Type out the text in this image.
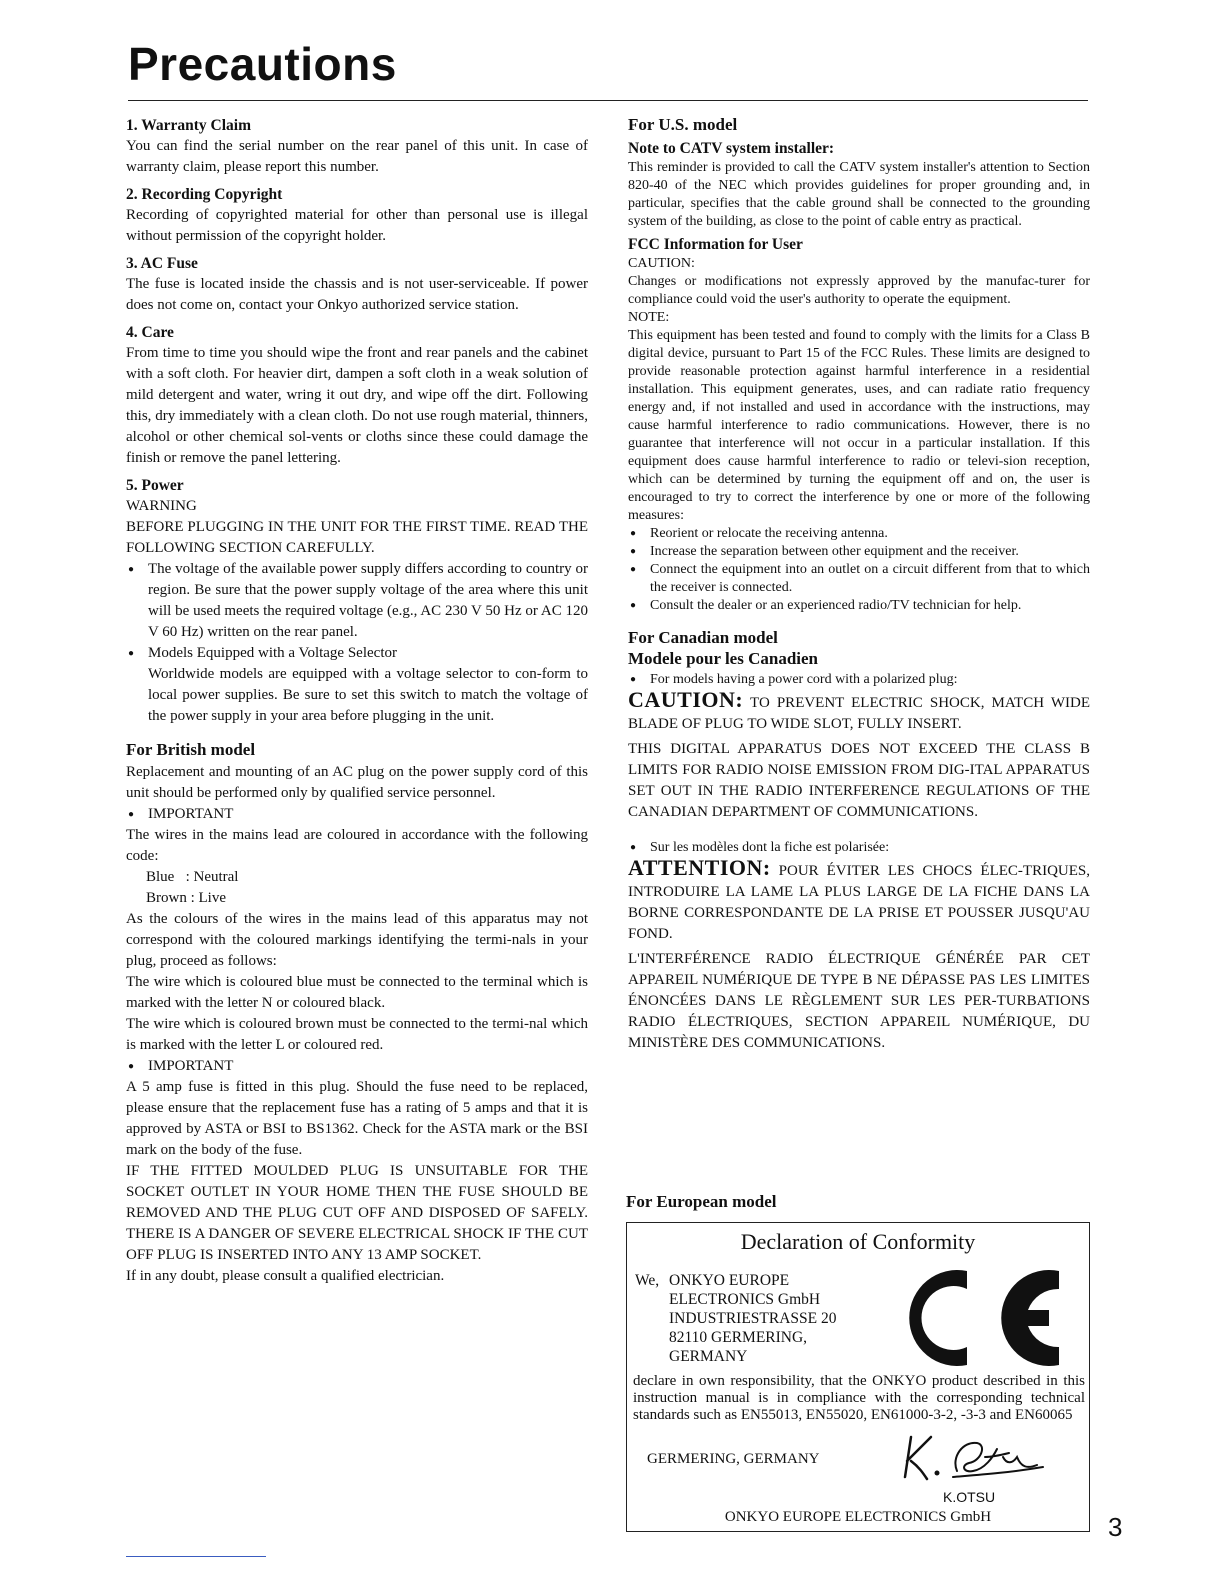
Precautions
1. Warranty Claim

You can find the serial number on the rear panel of this unit. In case of warranty claim, please report this number.

2. Recording Copyright

Recording of copyrighted material for other than personal use is illegal without permission of the copyright holder.

3. AC Fuse

The fuse is located inside the chassis and is not user-serviceable. If power does not come on, contact your Onkyo authorized service station.

4. Care

From time to time you should wipe the front and rear panels and the cabinet with a soft cloth. For heavier dirt, dampen a soft cloth in a weak solution of mild detergent and water, wring it out dry, and wipe off the dirt. Following this, dry immediately with a clean cloth. Do not use rough material, thinners, alcohol or other chemical sol-vents or cloths since these could damage the finish or remove the panel lettering.

5. Power
WARNING

BEFORE PLUGGING IN THE UNIT FOR THE FIRST TIME. READ THE FOLLOWING SECTION CAREFULLY.

● The voltage of the available power supply differs according to country or region. Be sure that the power supply voltage of the area where this unit will be used meets the required voltage (e.g., AC 230 V 50 Hz or AC 120 V 60 Hz) written on the rear panel.
● Models Equipped with a Voltage Selector
Worldwide models are equipped with a voltage selector to con-form to local power supplies. Be sure to set this switch to match the voltage of the power supply in your area before plugging in the unit.
For British model

Replacement and mounting of an AC plug on the power supply cord of this unit should be performed only by qualified service personnel.

● IMPORTANT

The wires in the mains lead are coloured in accordance with the following code:

Blue   : Neutral
Brown : Live

As the colours of the wires in the mains lead of this apparatus may not correspond with the coloured markings identifying the termi-nals in your plug, proceed as follows:

The wire which is coloured blue must be connected to the terminal which is marked with the letter N or coloured black.

The wire which is coloured brown must be connected to the termi-nal which is marked with the letter L or coloured red.

● IMPORTANT

A 5 amp fuse is fitted in this plug. Should the fuse need to be replaced, please ensure that the replacement fuse has a rating of 5 amps and that it is approved by ASTA or BSI to BS1362. Check for the ASTA mark or the BSI mark on the body of the fuse.

IF THE FITTED MOULDED PLUG IS UNSUITABLE FOR THE SOCKET OUTLET IN YOUR HOME THEN THE FUSE SHOULD BE REMOVED AND THE PLUG CUT OFF AND DISPOSED OF SAFELY. THERE IS A DANGER OF SEVERE ELECTRICAL SHOCK IF THE CUT OFF PLUG IS INSERTED INTO ANY 13 AMP SOCKET.

If in any doubt, please consult a qualified electrician.

For U.S. model
Note to CATV system installer:

This reminder is provided to call the CATV system installer's attention to Section 820-40 of the NEC which provides guidelines for proper grounding and, in particular, specifies that the cable ground shall be connected to the grounding system of the building, as close to the point of cable entry as practical.

FCC Information for User
CAUTION:

Changes or modifications not expressly approved by the manufac-turer for compliance could void the user's authority to operate the equipment.

NOTE:

This equipment has been tested and found to comply with the limits for a Class B digital device, pursuant to Part 15 of the FCC Rules. These limits are designed to provide reasonable protection against harmful interference in a residential installation. This equipment generates, uses, and can radiate ratio frequency energy and, if not installed and used in accordance with the instructions, may cause harmful interference to radio communications. However, there is no guarantee that interference will not occur in a particular installation. If this equipment does cause harmful interference to radio or televi-sion reception, which can be determined by turning the equipment off and on, the user is encouraged to try to correct the interference by one or more of the following measures:

● Reorient or relocate the receiving antenna.
● Increase the separation between other equipment and the receiver.
● Connect the equipment into an outlet on a circuit different from that to which the receiver is connected.
● Consult the dealer or an experienced radio/TV technician for help.
For Canadian model
Modele pour les Canadien
● For models having a power cord with a polarized plug:

CAUTION: TO PREVENT ELECTRIC SHOCK, MATCH WIDE BLADE OF PLUG TO WIDE SLOT, FULLY INSERT.

THIS DIGITAL APPARATUS DOES NOT EXCEED THE CLASS B LIMITS FOR RADIO NOISE EMISSION FROM DIG-ITAL APPARATUS SET OUT IN THE RADIO INTERFERENCE REGULATIONS OF THE CANADIAN DEPARTMENT OF COMMUNICATIONS.

● Sur les modèles dont la fiche est polarisée:

ATTENTION: POUR ÉVITER LES CHOCS ÉLEC-TRIQUES, INTRODUIRE LA LAME LA PLUS LARGE DE LA FICHE DANS LA BORNE CORRESPONDANTE DE LA PRISE ET POUSSER JUSQU'AU FOND.

L'INTERFÉRENCE RADIO ÉLECTRIQUE GÉNÉRÉE PAR CET APPAREIL NUMÉRIQUE DE TYPE B NE DÉPASSE PAS LES LIMITES ÉNONCÉES DANS LE RÈGLEMENT SUR LES PER-TURBATIONS RADIO ÉLECTRIQUES, SECTION APPAREIL NUMÉRIQUE, DU MINISTÈRE DES COMMUNICATIONS.

For European model
Declaration of Conformity
We, ONKYO EUROPE
ELECTRONICS GmbH
INDUSTRIESTRASSE 20
82110 GERMERING,
GERMANY
declare in own responsibility, that the ONKYO product described in this instruction manual is in compliance with the corresponding technical standards such as EN55013, EN55020, EN61000-3-2, -3-3 and EN60065
GERMERING, GERMANY
K.OTSU
ONKYO EUROPE ELECTRONICS GmbH	3
